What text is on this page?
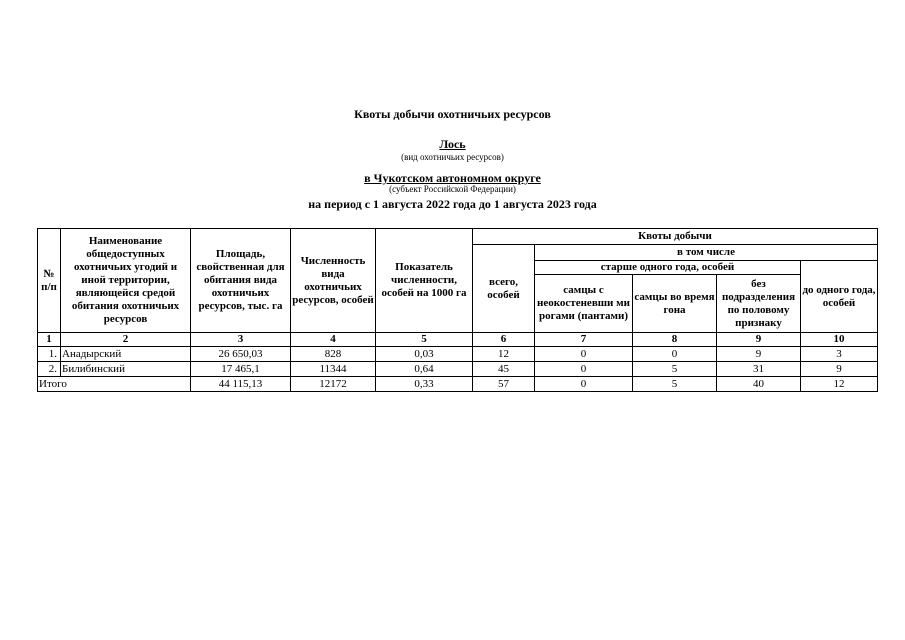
Квоты добычи охотничьих ресурсов
Лось
(вид охотничьих ресурсов)
в Чукотском автономном округе
(субъект Российской Федерации)
на период с 1 августа 2022 года до 1 августа 2023 года
№ п/п	Наименование общедоступных охотничьих угодий и иной территории, являющейся средой обитания охотничьих ресурсов	Площадь, свойственная для обитания вида охотничьих ресурсов, тыс. га	Численность вида охотничьих ресурсов, особей	Показатель численности, особей на 1000 га	Квоты добычи				
					всего, особей	в том числе			
						старше одного года, особей			до одного года, особей
						самцы с неокостеневши ми рогами (пантами)	самцы во время гона	без подразделения по половому признаку	
1	2	3	4	5	6	7	8	9	10
1.	Анадырский	26 650,03	828	0,03	12	0	0	9	3
2.	Билибинский	17 465,1	11344	0,64	45	0	5	31	9
Итого		44 115,13	12172	0,33	57	0	5	40	12
